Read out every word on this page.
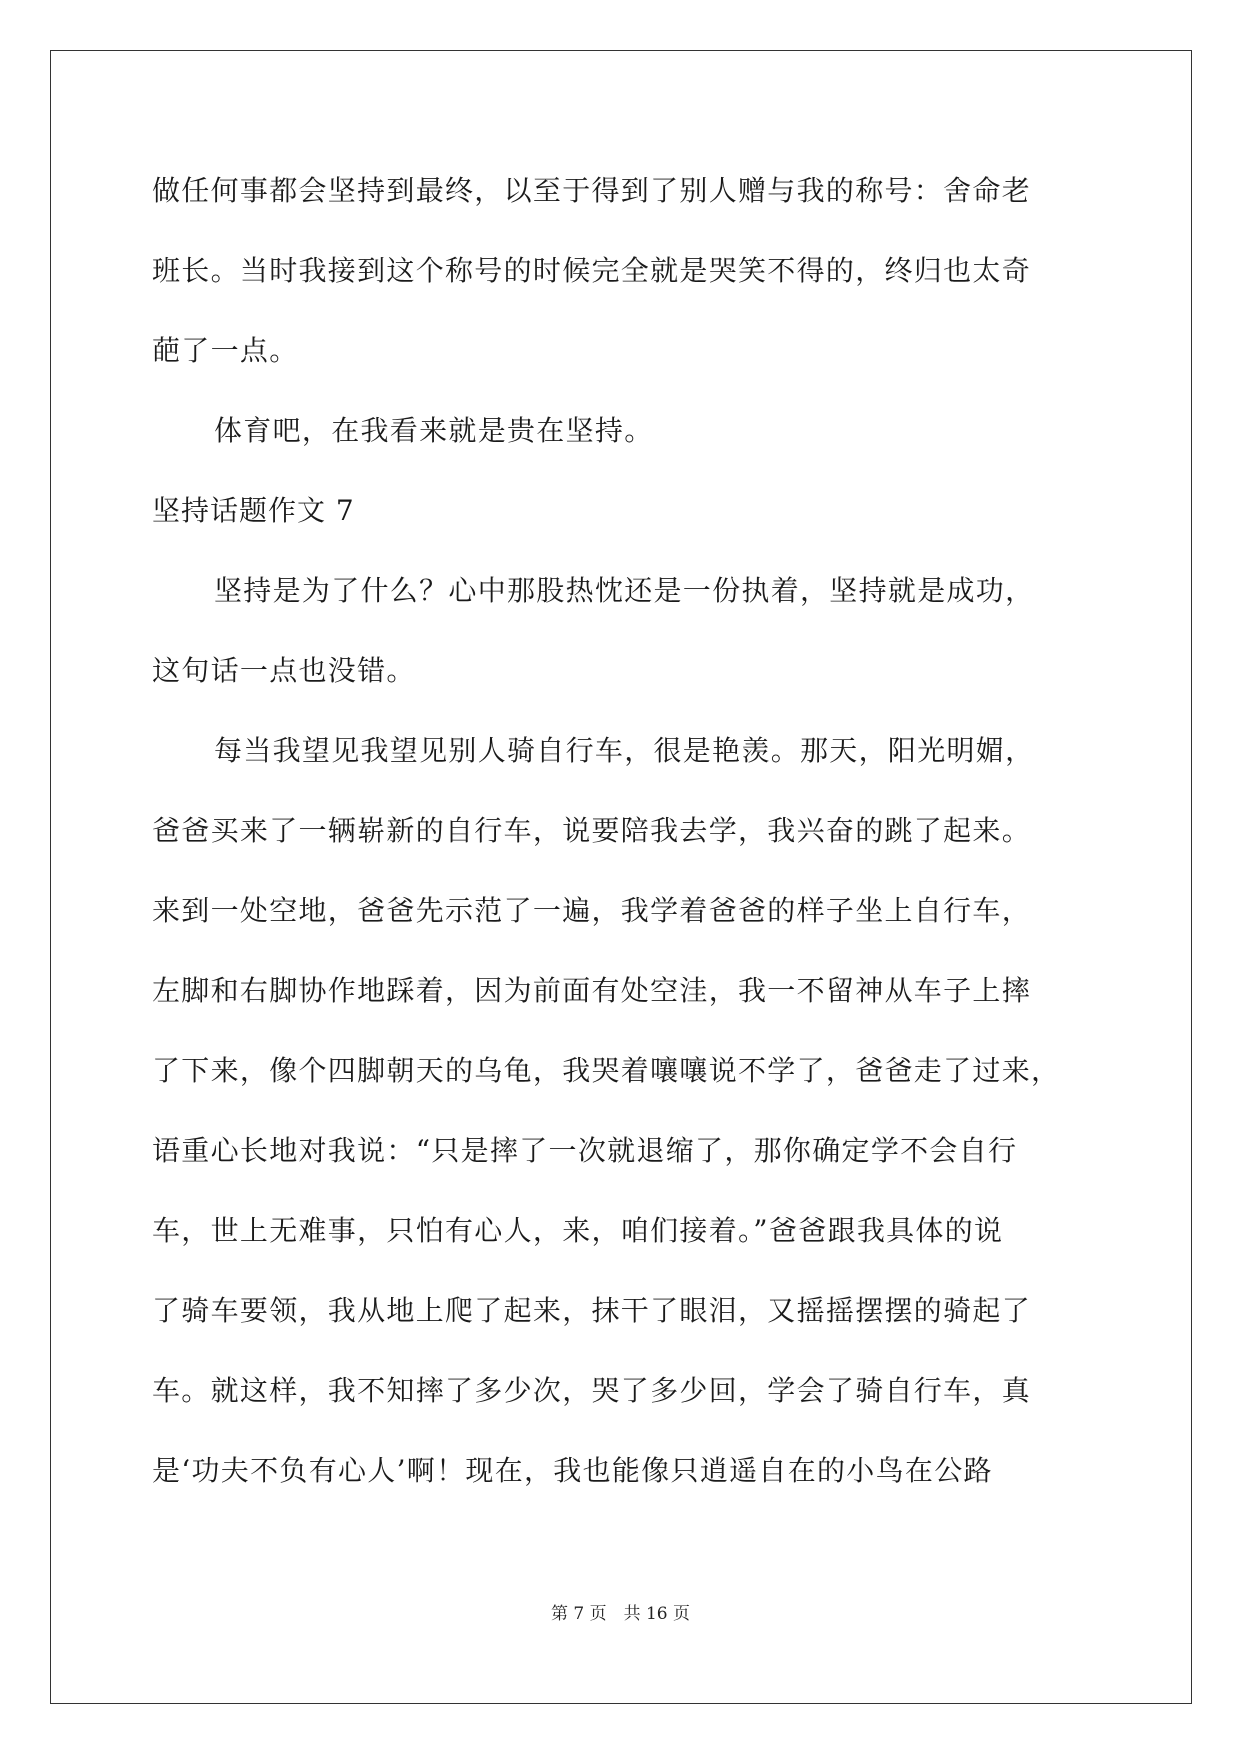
做任何事都会坚持到最终，以至于得到了别人赠与我的称号：舍命老
班长。当时我接到这个称号的时候完全就是哭笑不得的，终归也太奇
葩了一点。
体育吧，在我看来就是贵在坚持。
坚持话题作文 7
坚持是为了什么？心中那股热忱还是一份执着，坚持就是成功，
这句话一点也没错。
每当我望见我望见别人骑自行车，很是艳羡。那天，阳光明媚，
爸爸买来了一辆崭新的自行车，说要陪我去学，我兴奋的跳了起来。
来到一处空地，爸爸先示范了一遍，我学着爸爸的样子坐上自行车，
左脚和右脚协作地踩着，因为前面有处空洼，我一不留神从车子上摔
了下来，像个四脚朝天的乌龟，我哭着嚷嚷说不学了，爸爸走了过来，
语重心长地对我说：“只是摔了一次就退缩了，那你确定学不会自行
车，世上无难事，只怕有心人，来，咱们接着。”爸爸跟我具体的说
了骑车要领，我从地上爬了起来，抹干了眼泪，又摇摇摆摆的骑起了
车。就这样，我不知摔了多少次，哭了多少回，学会了骑自行车，真
是‘功夫不负有心人’啊！现在，我也能像只逍遥自在的小鸟在公路
第 7 页　共 16 页
